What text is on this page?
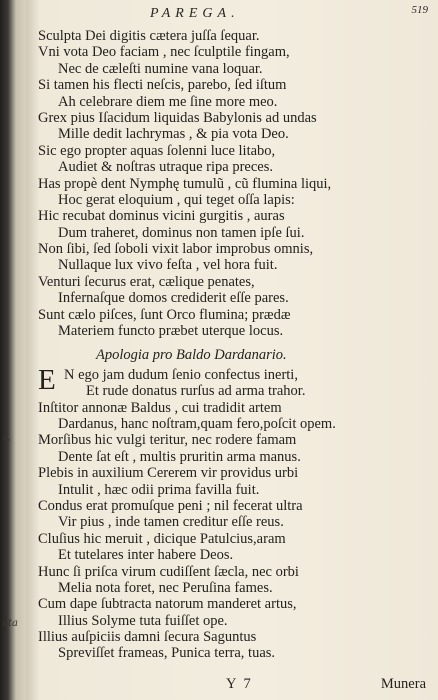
x,
ota
PAREGA.	519
Sculpta Dei digitis cætera juſſa ſequar.
Vni vota Deo faciam , nec ſculptile fingam,
Nec de cæleſti numine vana loquar.
Si tamen his flecti neſcis, parebo, ſed iſtum
Ah celebrare diem me ſine more meo.
Grex pius Iſacidum liquidas Babylonis ad undas
Mille dedit lachrymas , & pia vota Deo.
Sic ego propter aquas ſolenni luce litabo,
Audiet & noſtras utraque ripa preces.
Has propè dent Nymphę tumulũ , cũ flumina liqui,
Hoc gerat eloquium , qui teget oſſa lapis:
Hic recubat dominus vicini gurgitis , auras
Dum traheret, dominus non tamen ipſe ſui.
Non ſibi, ſed ſoboli vixit labor improbus omnis,
Nullaque lux vivo feſta , vel hora fuit.
Venturi ſecurus erat, cælique penates,
Infernaſque domos crediderit eſſe pares.
Sunt cælo piſces, ſunt Orco flumina; prædæ
Materiem functo præbet uterque locus.
Apologia pro Baldo Dardanario.
E N ego jam dudum ſenio confectus inerti,
Et rude donatus rurſus ad arma trahor.
Inſtitor annonæ Baldus , cui tradidit artem
Dardanus, hanc noſtram,quam fero,poſcit opem.
Morſibus hic vulgi teritur, nec rodere famam
Dente ſat eſt , multis pruritin arma manus.
Plebis in auxilium Cererem vir providus urbi
Intulit , hæc odii prima favilla fuit.
Condus erat promuſque peni ; nil fecerat ultra
Vir pius , inde tamen creditur eſſe reus.
Cluſius hic meruit , dicique Patulcius,aram
Et tutelares inter habere Deos.
Hunc ſi priſca virum cudiſſent ſæcla, nec orbi
Melia nota foret, nec Peruſina fames.
Cum dape ſubtracta natorum manderet artus,
Illius Solyme tuta fuiſſet ope.
Illius auſpiciis damni ſecura Saguntus
Spreviſſet frameas, Punica terra, tuas.
Y 7	Munera
